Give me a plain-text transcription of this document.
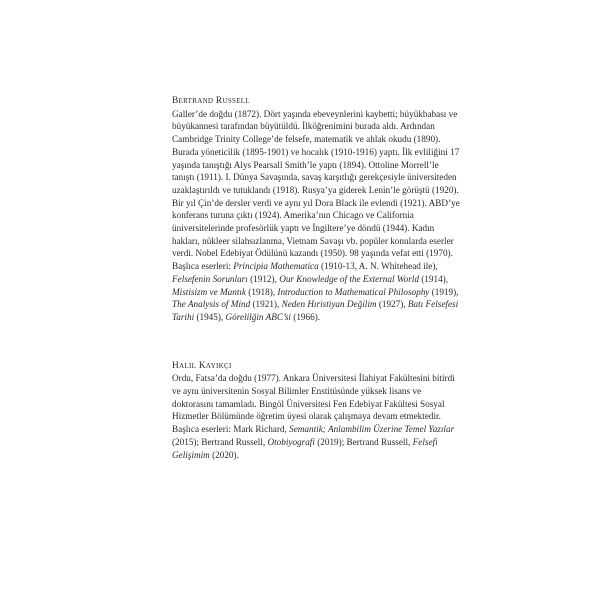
Bertrand Russell

Galler’de doğdu (1872). Dört yaşında ebeveynlerini kaybetti; büyükbabası ve büyükannesi tarafından büyütüldü. İlköğrenimini burada aldı. Ardından Cambridge Trinity College’de felsefe, matematik ve ahlak okudu (1890). Burada yöneticilik (1895-1901) ve hocalık (1910-1916) yaptı. İlk evliliğini 17 yaşında tanıştığı Alys Pearsall Smith’le yaptı (1894). Ottoline Morrell’le tanıştı (1911). I. Dünya Savaşında, savaş karşıtlığı gerekçesiyle üniversiteden uzaklaştırıldı ve tutuklandı (1918). Rusya’ya giderek Lenin’le görüştü (1920). Bir yıl Çin’de dersler verdi ve aynı yıl Dora Black ile evlendi (1921). ABD’ye konferans turuna çıktı (1924). Amerika’nın Chicago ve California üniversitelerinde profesörlük yaptı ve İngiltere’ye döndü (1944). Kadın hakları, nükleer silahsızlanma, Vietnam Savaşı vb. popüler konularda eserler verdi. Nobel Edebiyat Ödülünü kazandı (1950). 98 yaşında vefat etti (1970).

Başlıca eserleri: Principia Mathematica (1910-13, A. N. Whitehead ile), Felsefenin Sorunları (1912), Our Knowledge of the External World (1914), Mistisizm ve Mantık (1918), Introduction to Mathematical Philosophy (1919), The Analysis of Mind (1921), Neden Hıristiyan Değilim (1927), Batı Felsefesi Tarihi (1945), Görelilğin ABC’si (1966).

Halil Kayıkçı

Ordu, Fatsa’da doğdu (1977). Ankara Üniversitesi İlahiyat Fakültesini bitirdi ve aynı üniversitenin Sosyal Bilimler Enstitüsünde yüksek lisans ve doktorasını tamamladı. Bingöl Üniversitesi Fen Edebiyat Fakültesi Sosyal Hizmetler Bölümünde öğretim üyesi olarak çalışmaya devam etmektedir.

Başlıca eserleri: Mark Richard, Semantik; Anlambilim Üzerine Temel Yazılar (2015); Bertrand Russell, Otobiyografi (2019); Bertrand Russell, Felsefi Gelişimim (2020).
